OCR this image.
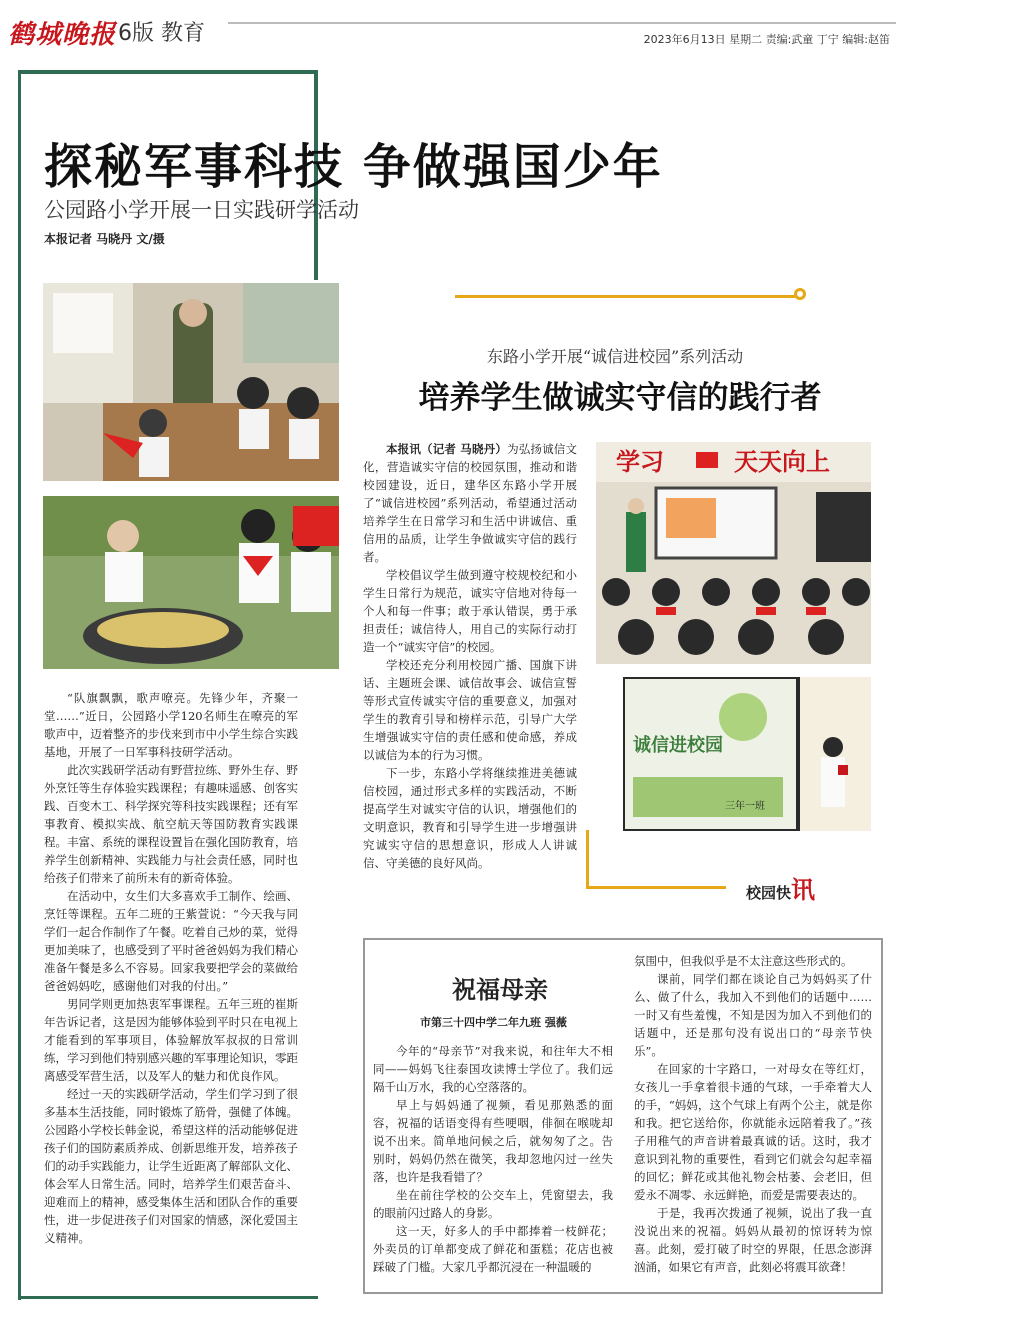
鹤城晚报 6版 教育	2023年6月13日 星期二 责编:武童 丁宁 编辑:赵笛
探秘军事科技 争做强国少年
公园路小学开展一日实践研学活动
本报记者 马晓丹 文/摄

“队旗飘飘，歌声嘹亮。先锋少年，齐聚一堂……”近日，公园路小学120名师生在嘹亮的军歌声中，迈着整齐的步伐来到市中小学生综合实践基地，开展了一日军事科技研学活动。

此次实践研学活动有野营拉练、野外生存、野外烹饪等生存体验实践课程；有趣味遥感、创客实践、百变木工、科学探究等科技实践课程；还有军事教育、模拟实战、航空航天等国防教育实践课程。丰富、系统的课程设置旨在强化国防教育，培养学生创新精神、实践能力与社会责任感，同时也给孩子们带来了前所未有的新奇体验。

在活动中，女生们大多喜欢手工制作、绘画、烹饪等课程。五年二班的王紫萱说：“今天我与同学们一起合作制作了午餐。吃着自己炒的菜，觉得更加美味了，也感受到了平时爸爸妈妈为我们精心准备午餐是多么不容易。回家我要把学会的菜做给爸爸妈妈吃，感谢他们对我的付出。”

男同学则更加热衷军事课程。五年三班的崔斯年告诉记者，这是因为能够体验到平时只在电视上才能看到的军事项目，体验解放军叔叔的日常训练，学习到他们特别感兴趣的军事理论知识，零距离感受军营生活，以及军人的魅力和优良作风。

经过一天的实践研学活动，学生们学习到了很多基本生活技能，同时锻炼了筋骨，强健了体魄。公园路小学校长韩金说，希望这样的活动能够促进孩子们的国防素质养成、创新思维开发，培养孩子们的动手实践能力，让学生近距离了解部队文化、体会军人日常生活。同时，培养学生们艰苦奋斗、迎难而上的精神，感受集体生活和团队合作的重要性，进一步促进孩子们对国家的情感，深化爱国主义精神。

东路小学开展“诚信进校园”系列活动
培养学生做诚实守信的践行者

本报讯（记者 马晓丹）为弘扬诚信文化，营造诚实守信的校园氛围，推动和谐校园建设，近日，建华区东路小学开展了“诚信进校园”系列活动，希望通过活动培养学生在日常学习和生活中讲诚信、重信用的品质，让学生争做诚实守信的践行者。

学校倡议学生做到遵守校规校纪和小学生日常行为规范，诚实守信地对待每一个人和每一件事；敢于承认错误，勇于承担责任；诚信待人，用自己的实际行动打造一个“诚实守信”的校园。

学校还充分利用校园广播、国旗下讲话、主题班会课、诚信故事会、诚信宣誓等形式宣传诚实守信的重要意义，加强对学生的教育引导和榜样示范，引导广大学生增强诚实守信的责任感和使命感，养成以诚信为本的行为习惯。

下一步，东路小学将继续推进美德诚信校园，通过形式多样的实践活动，不断提高学生对诚实守信的认识，增强他们的文明意识，教育和引导学生进一步增强讲究诚实守信的思想意识，形成人人讲诚信、守美德的良好风尚。

学习	天天向上
诚信进校园
三年一班
校园快讯
祝福母亲
市第三十四中学二年九班 强薇

今年的“母亲节”对我来说，和往年大不相同——妈妈飞往泰国攻读博士学位了。我们远隔千山万水，我的心空落落的。

早上与妈妈通了视频，看见那熟悉的面容，祝福的话语变得有些哽咽，俳徊在喉咙却说不出来。简单地问候之后，就匆匆了之。告别时，妈妈仍然在微笑，我却忽地闪过一丝失落，也许是我看错了？

坐在前往学校的公交车上，凭窗望去，我的眼前闪过路人的身影。

这一天，好多人的手中都捧着一枝鲜花；外卖员的订单都变成了鲜花和蛋糕；花店也被踩破了门槛。大家几乎都沉浸在一种温暖的

氛围中，但我似乎是不太注意这些形式的。

课前，同学们都在谈论自己为妈妈买了什么、做了什么，我加入不到他们的话题中……一时又有些羞愧，不知是因为加入不到他们的话题中，还是那句没有说出口的“母亲节快乐”。

在回家的十字路口，一对母女在等红灯，女孩儿一手拿着很卡通的气球，一手牵着大人的手，“妈妈，这个气球上有两个公主，就是你和我。把它送给你，你就能永远陪着我了。”孩子用稚气的声音讲着最真诚的话。这时，我才意识到礼物的重要性，看到它们就会勾起幸福的回忆；鲜花或其他礼物会枯萎、会老旧，但爱永不凋零、永远鲜艳，而爱是需要表达的。

于是，我再次拨通了视频，说出了我一直没说出来的祝福。妈妈从最初的惊讶转为惊喜。此刻，爱打破了时空的界限，任思念澎湃汹涌，如果它有声音，此刻必将震耳欲聋！
